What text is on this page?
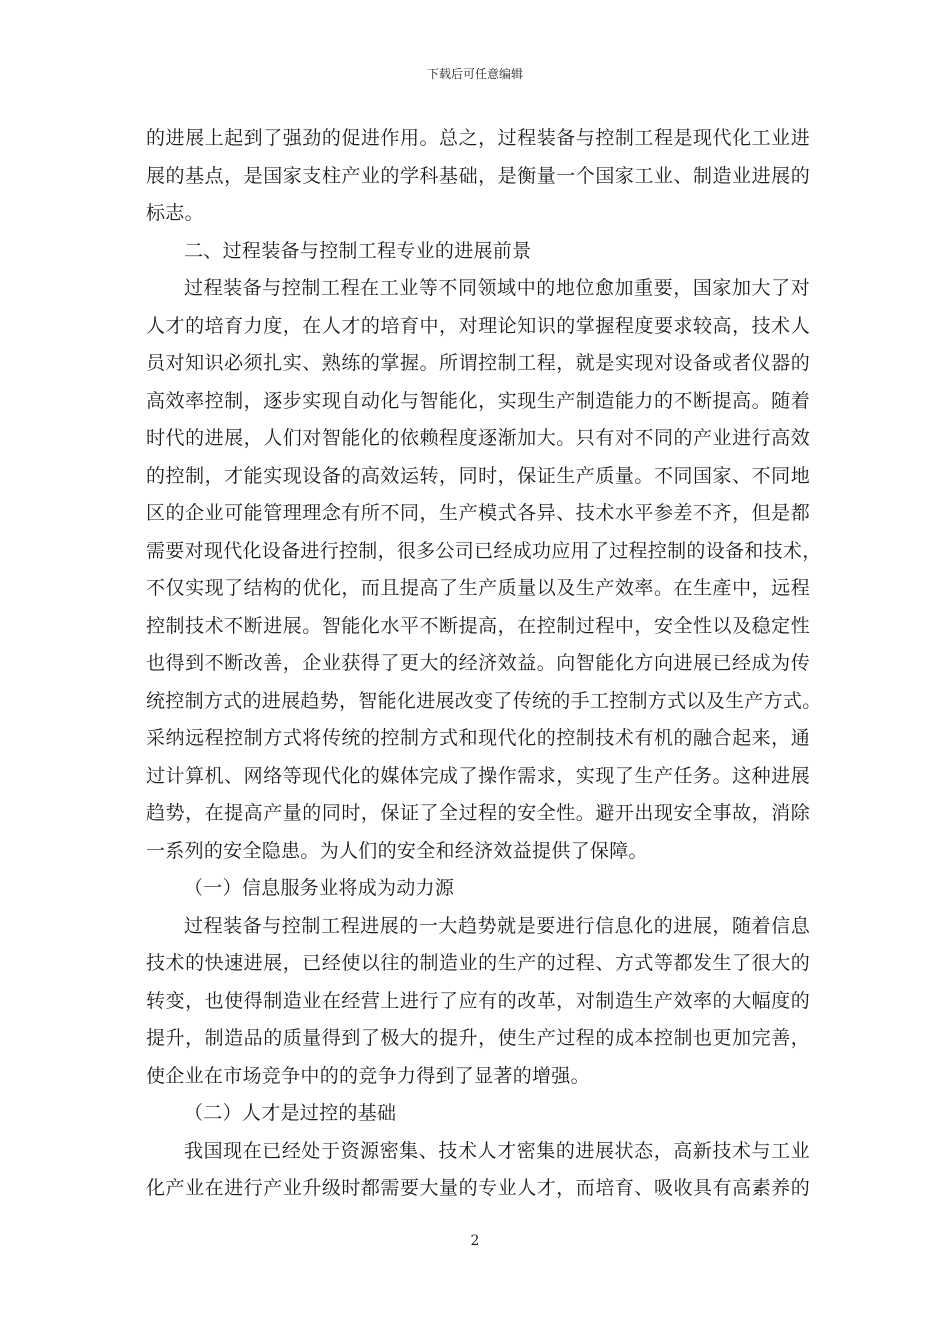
下载后可任意编辑
的进展上起到了强劲的促进作用。总之，过程装备与控制工程是现代化工业进
展的基点，是国家支柱产业的学科基础，是衡量一个国家工业、制造业进展的
标志。
二、过程装备与控制工程专业的进展前景
过程装备与控制工程在工业等不同领域中的地位愈加重要，国家加大了对
人才的培育力度，在人才的培育中，对理论知识的掌握程度要求较高，技术人
员对知识必须扎实、熟练的掌握。所谓控制工程，就是实现对设备或者仪器的
高效率控制，逐步实现自动化与智能化，实现生产制造能力的不断提高。随着
时代的进展，人们对智能化的依赖程度逐渐加大。只有对不同的产业进行高效
的控制，才能实现设备的高效运转，同时，保证生产质量。不同国家、不同地
区的企业可能管理理念有所不同，生产模式各异、技术水平参差不齐，但是都
需要对现代化设备进行控制，很多公司已经成功应用了过程控制的设备和技术，
不仅实现了结构的优化，而且提高了生产质量以及生产效率。在生產中，远程
控制技术不断进展。智能化水平不断提高，在控制过程中，安全性以及稳定性
也得到不断改善，企业获得了更大的经济效益。向智能化方向进展已经成为传
统控制方式的进展趋势，智能化进展改变了传统的手工控制方式以及生产方式。
采纳远程控制方式将传统的控制方式和现代化的控制技术有机的融合起来，通
过计算机、网络等现代化的媒体完成了操作需求，实现了生产任务。这种进展
趋势，在提高产量的同时，保证了全过程的安全性。避开出现安全事故，消除
一系列的安全隐患。为人们的安全和经济效益提供了保障。
（一）信息服务业将成为动力源
过程装备与控制工程进展的一大趋势就是要进行信息化的进展，随着信息
技术的快速进展，已经使以往的制造业的生产的过程、方式等都发生了很大的
转变，也使得制造业在经营上进行了应有的改革，对制造生产效率的大幅度的
提升，制造品的质量得到了极大的提升，使生产过程的成本控制也更加完善，
使企业在市场竞争中的的竞争力得到了显著的增强。
（二）人才是过控的基础
我国现在已经处于资源密集、技术人才密集的进展状态，高新技术与工业
化产业在进行产业升级时都需要大量的专业人才，而培育、吸收具有高素养的
2
